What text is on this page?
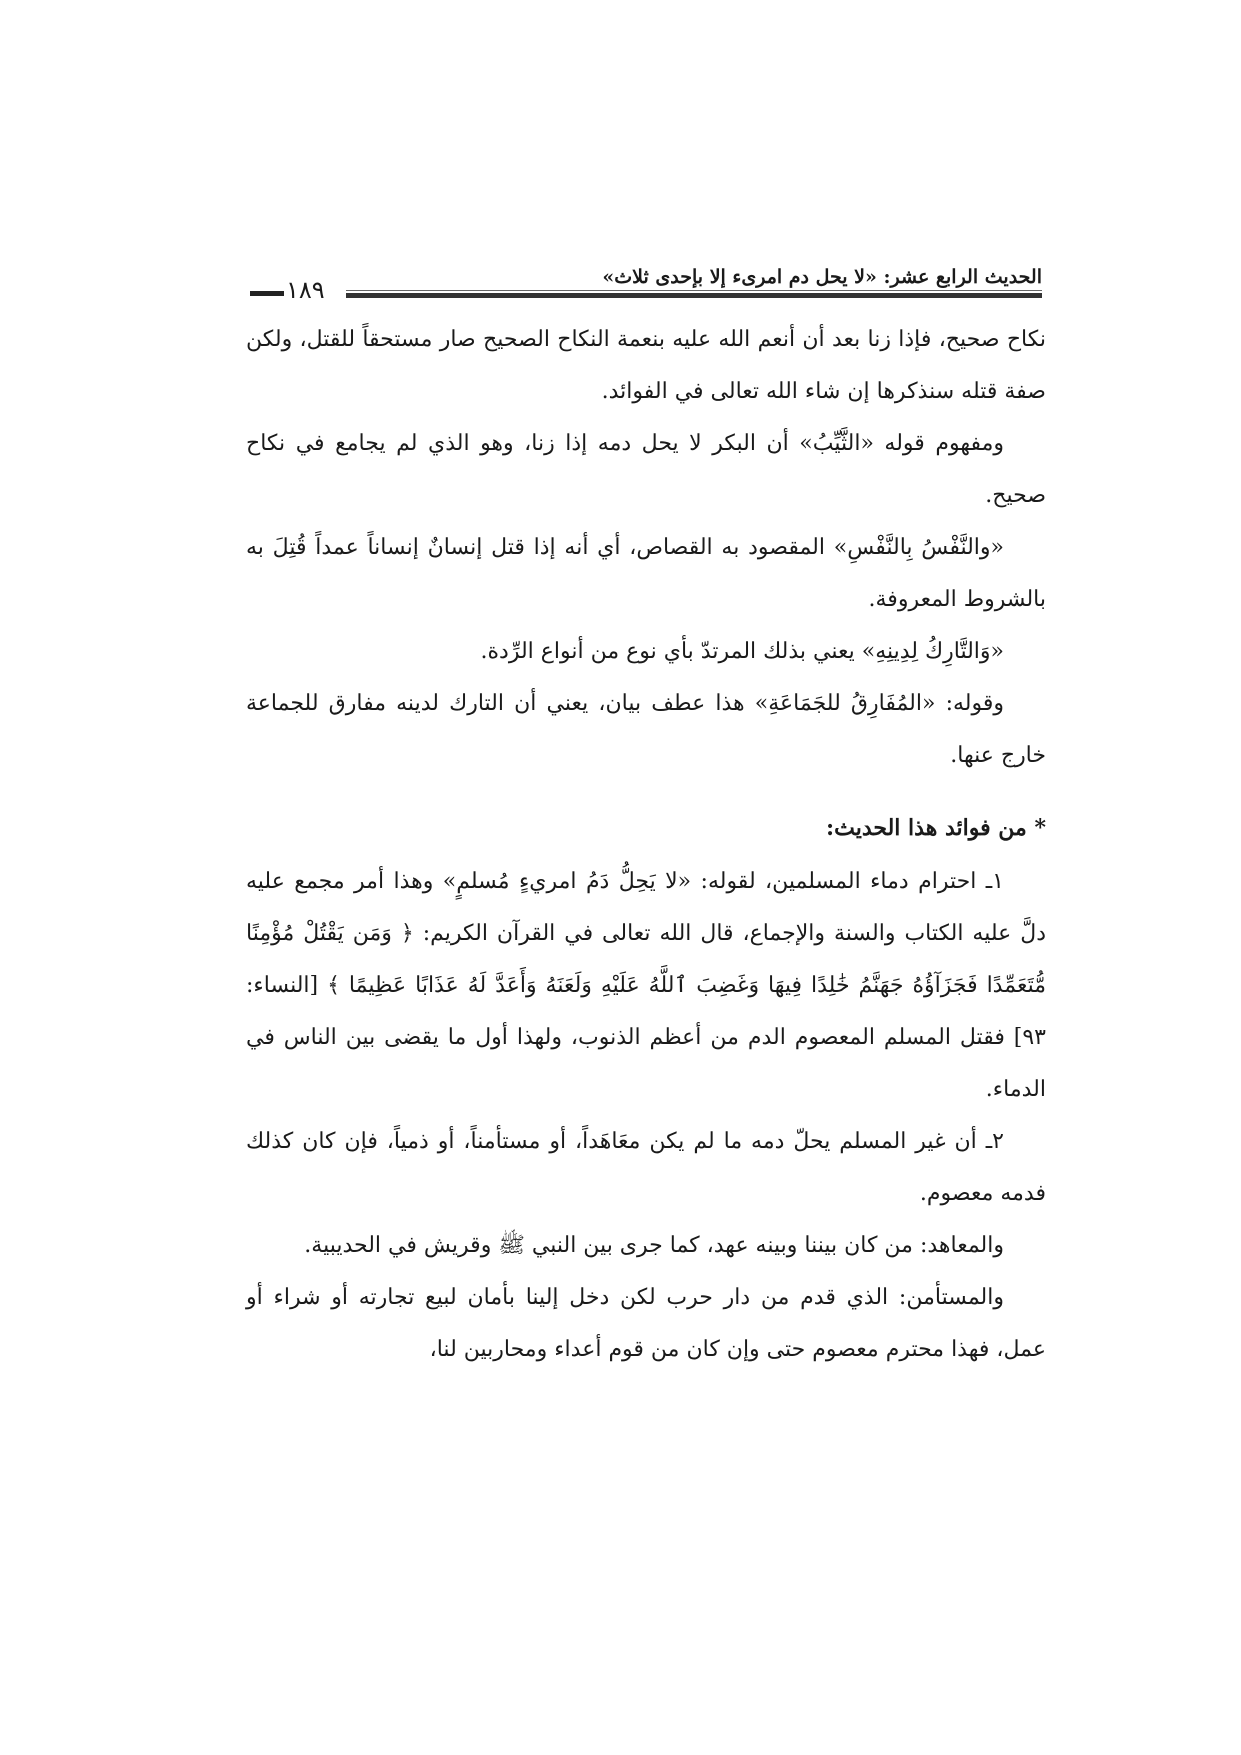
الحديث الرابع عشر: «لا يحل دم امرىء إلا بإحدى ثلاث»
١٨٩

نكاح صحيح، فإذا زنا بعد أن أنعم الله عليه بنعمة النكاح الصحيح صار مستحقاً للقتل، ولكن صفة قتله سنذكرها إن شاء الله تعالى في الفوائد.

ومفهوم قوله «الثَّيِّبُ» أن البكر لا يحل دمه إذا زنا، وهو الذي لم يجامع في نكاح صحيح.

«والنَّفْسُ بِالنَّفْسِ» المقصود به القصاص، أي أنه إذا قتل إنسانٌ إنساناً عمداً قُتِلَ به بالشروط المعروفة.

«وَالتَّارِكُ لِدِينِهِ» يعني بذلك المرتدّ بأي نوع من أنواع الرِّدة.

وقوله: «المُفَارِقُ للجَمَاعَةِ» هذا عطف بيان، يعني أن التارك لدينه مفارق للجماعة خارج عنها.

* من فوائد هذا الحديث:

١ـ احترام دماء المسلمين، لقوله: «لا يَحِلُّ دَمُ امريءٍ مُسلمٍ» وهذا أمر مجمع عليه دلَّ عليه الكتاب والسنة والإجماع، قال الله تعالى في القرآن الكريم: ﴿ وَمَن يَقْتُلْ مُؤْمِنًا مُّتَعَمِّدًا فَجَزَآؤُهُ جَهَنَّمُ خَٰلِدًا فِيهَا وَغَضِبَ ٱللَّهُ عَلَيْهِ وَلَعَنَهُ وَأَعَدَّ لَهُ عَذَابًا عَظِيمًا ﴾ [النساء: ٩٣] فقتل المسلم المعصوم الدم من أعظم الذنوب، ولهذا أول ما يقضى بين الناس في الدماء.

٢ـ أن غير المسلم يحلّ دمه ما لم يكن معَاهَداً، أو مستأمناً، أو ذمياً، فإن كان كذلك فدمه معصوم.

والمعاهد: من كان بيننا وبينه عهد، كما جرى بين النبي ﷺ وقريش في الحديبية.

والمستأمن: الذي قدم من دار حرب لكن دخل إلينا بأمان لبيع تجارته أو شراء أو عمل، فهذا محترم معصوم حتى وإن كان من قوم أعداء ومحاربين لنا،
